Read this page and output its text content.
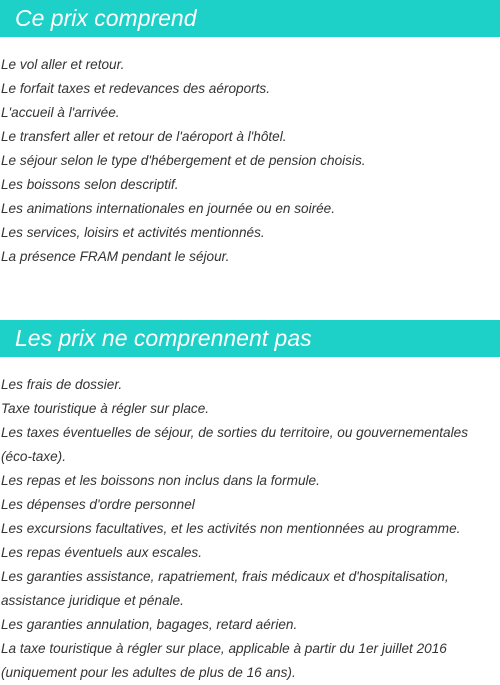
Ce prix comprend
Le vol aller et retour.
Le forfait taxes et redevances des aéroports.
L'accueil à l'arrivée.
Le transfert aller et retour de l'aéroport à l'hôtel.
Le séjour selon le type d'hébergement et de pension choisis.
Les boissons selon descriptif.
Les animations internationales en journée ou en soirée.
Les services, loisirs et activités mentionnés.
La présence FRAM pendant le séjour.
Les prix ne comprennent pas
Les frais de dossier.
Taxe touristique à régler sur place.
Les taxes éventuelles de séjour, de sorties du territoire, ou gouvernementales
(éco-taxe).
Les repas et les boissons non inclus dans la formule.
Les dépenses d'ordre personnel
Les excursions facultatives, et les activités non mentionnées au programme.
Les repas éventuels aux escales.
Les garanties assistance, rapatriement, frais médicaux et d'hospitalisation,
assistance juridique et pénale.
Les garanties annulation, bagages, retard aérien.
La taxe touristique à régler sur place, applicable à partir du 1er juillet 2016
(uniquement pour les adultes de plus de 16 ans).
